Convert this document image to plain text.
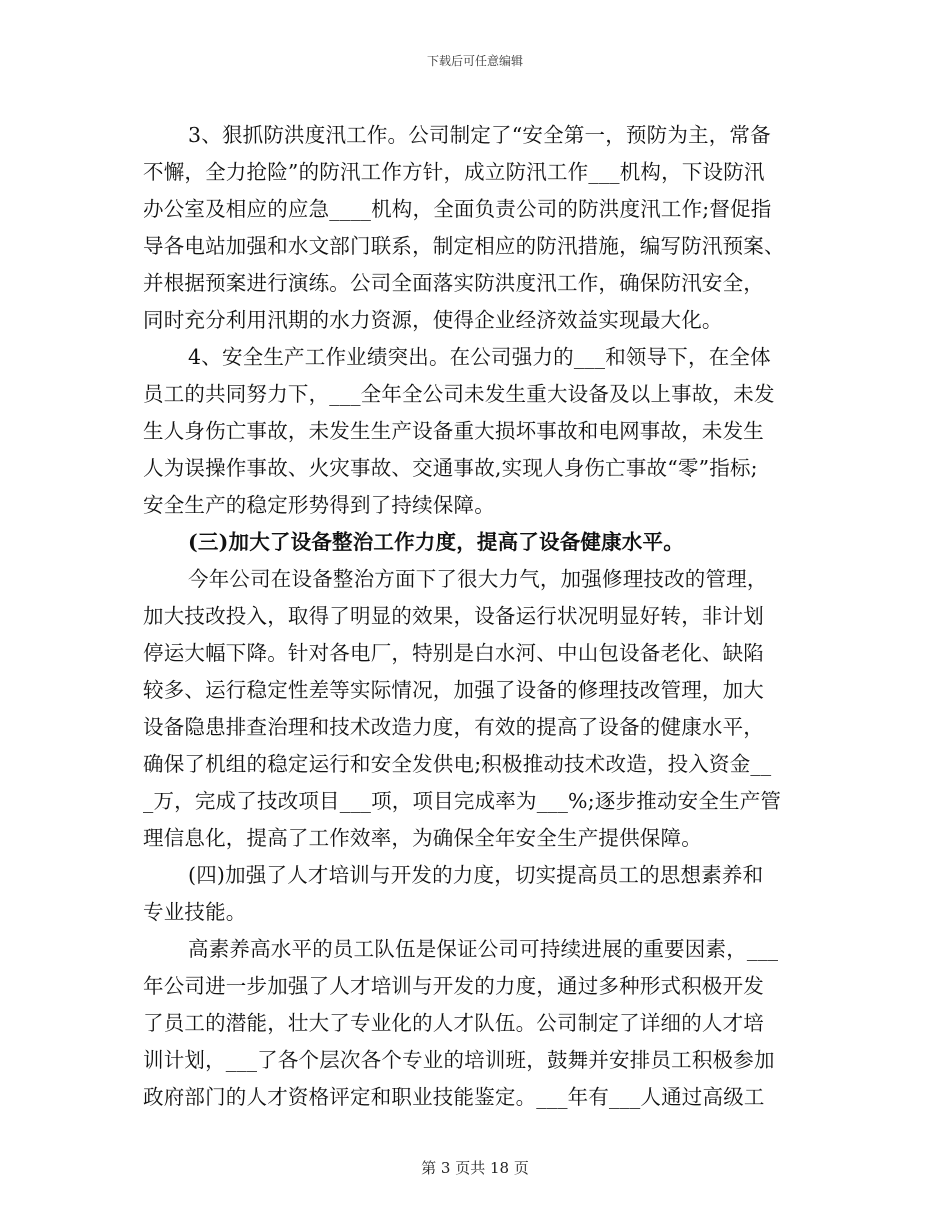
下载后可任意编辑
3、狠抓防洪度汛工作。公司制定了“安全第一，预防为主，常备
不懈，全力抢险”的防汛工作方针，成立防汛工作___机构，下设防汛
办公室及相应的应急____机构，全面负责公司的防洪度汛工作;督促指
导各电站加强和水文部门联系，制定相应的防汛措施，编写防汛预案、
并根据预案进行演练。公司全面落实防洪度汛工作，确保防汛安全，
同时充分利用汛期的水力资源，使得企业经济效益实现最大化。
4、安全生产工作业绩突出。在公司强力的___和领导下，在全体
员工的共同努力下，___全年全公司未发生重大设备及以上事故，未发
生人身伤亡事故，未发生生产设备重大损坏事故和电网事故，未发生
人为误操作事故、火灾事故、交通事故,实现人身伤亡事故“零”指标;
安全生产的稳定形势得到了持续保障。
(三)加大了设备整治工作力度，提高了设备健康水平。
今年公司在设备整治方面下了很大力气，加强修理技改的管理，
加大技改投入，取得了明显的效果，设备运行状况明显好转，非计划
停运大幅下降。针对各电厂，特别是白水河、中山包设备老化、缺陷
较多、运行稳定性差等实际情况，加强了设备的修理技改管理，加大
设备隐患排查治理和技术改造力度，有效的提高了设备的健康水平，
确保了机组的稳定运行和安全发供电;积极推动技术改造，投入资金__
_万，完成了技改项目___项，项目完成率为___%;逐步推动安全生产管
理信息化，提高了工作效率，为确保全年安全生产提供保障。
(四)加强了人才培训与开发的力度，切实提高员工的思想素养和
专业技能。
高素养高水平的员工队伍是保证公司可持续进展的重要因素，___
年公司进一步加强了人才培训与开发的力度，通过多种形式积极开发
了员工的潜能，壮大了专业化的人才队伍。公司制定了详细的人才培
训计划，___了各个层次各个专业的培训班，鼓舞并安排员工积极参加
政府部门的人才资格评定和职业技能鉴定。___年有___人通过高级工
第 3 页共 18 页
